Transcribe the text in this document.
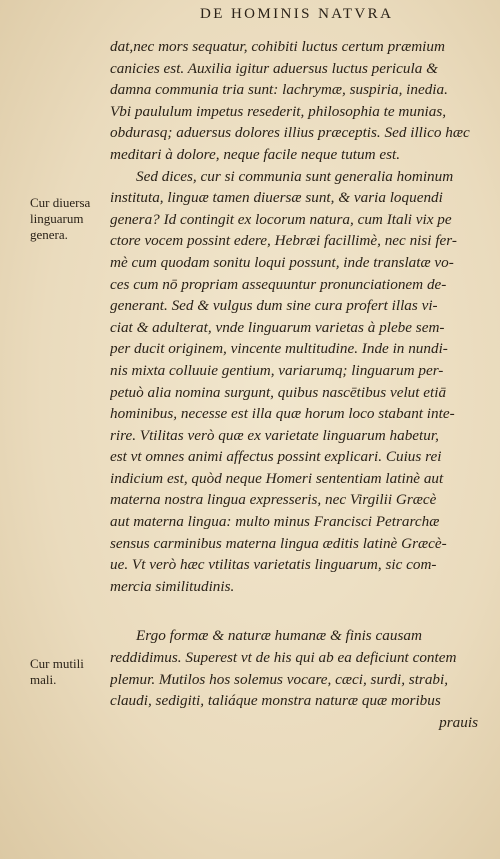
DE HOMINIS NATVRA
Cur diuersa
linguarum
genera.
Cur mutili
mali.
dat,nec mors sequatur, cohibiti luctus certum præmium
canicies est. Auxilia igitur aduersus luctus pericula &
damna communia tria sunt: lachrymæ, suspiria, inedia.
Vbi paululum impetus resederit, philosophia te munias,
obdurasq; aduersus dolores illius præceptis. Sed illico hæc
meditari à dolore, neque facile neque tutum est.
Sed dices, cur si communia sunt generalia hominum
instituta, linguæ tamen diuersæ sunt, & varia loquendi
genera? Id contingit ex locorum natura, cum Itali vix pe
ctore vocem possint edere, Hebræi facillimè, nec nisi fer-
mè cum quodam sonitu loqui possunt, inde translatæ vo-
ces cum nō propriam assequuntur pronunciationem de-
generant. Sed & vulgus dum sine cura profert illas vi-
ciat & adulterat, vnde linguarum varietas à plebe sem-
per ducit originem, vincente multitudine. Inde in nundi-
nis mixta colluuie gentium, variarumq; linguarum per-
petuò alia nomina surgunt, quibus nascētibus velut etiā
hominibus, necesse est illa quæ horum loco stabant inte-
rire. Vtilitas verò quæ ex varietate linguarum habetur,
est vt omnes animi affectus possint explicari. Cuius rei
indicium est, quòd neque Homeri sententiam latinè aut
materna nostra lingua expresseris, nec Virgilii Græcè
aut materna lingua: multo minus Francisci Petrarchæ
sensus carminibus materna lingua æditis latinè Græcè-
ue. Vt verò hæc vtilitas varietatis linguarum, sic com-
mercia similitudinis.
Ergo formæ & naturæ humanæ & finis causam
reddidimus. Superest vt de his qui ab ea deficiunt contem
plemur. Mutilos hos solemus vocare, cæci, surdi, strabi,
claudi, sedigiti, taliáque monstra naturæ quæ moribus
prauis
